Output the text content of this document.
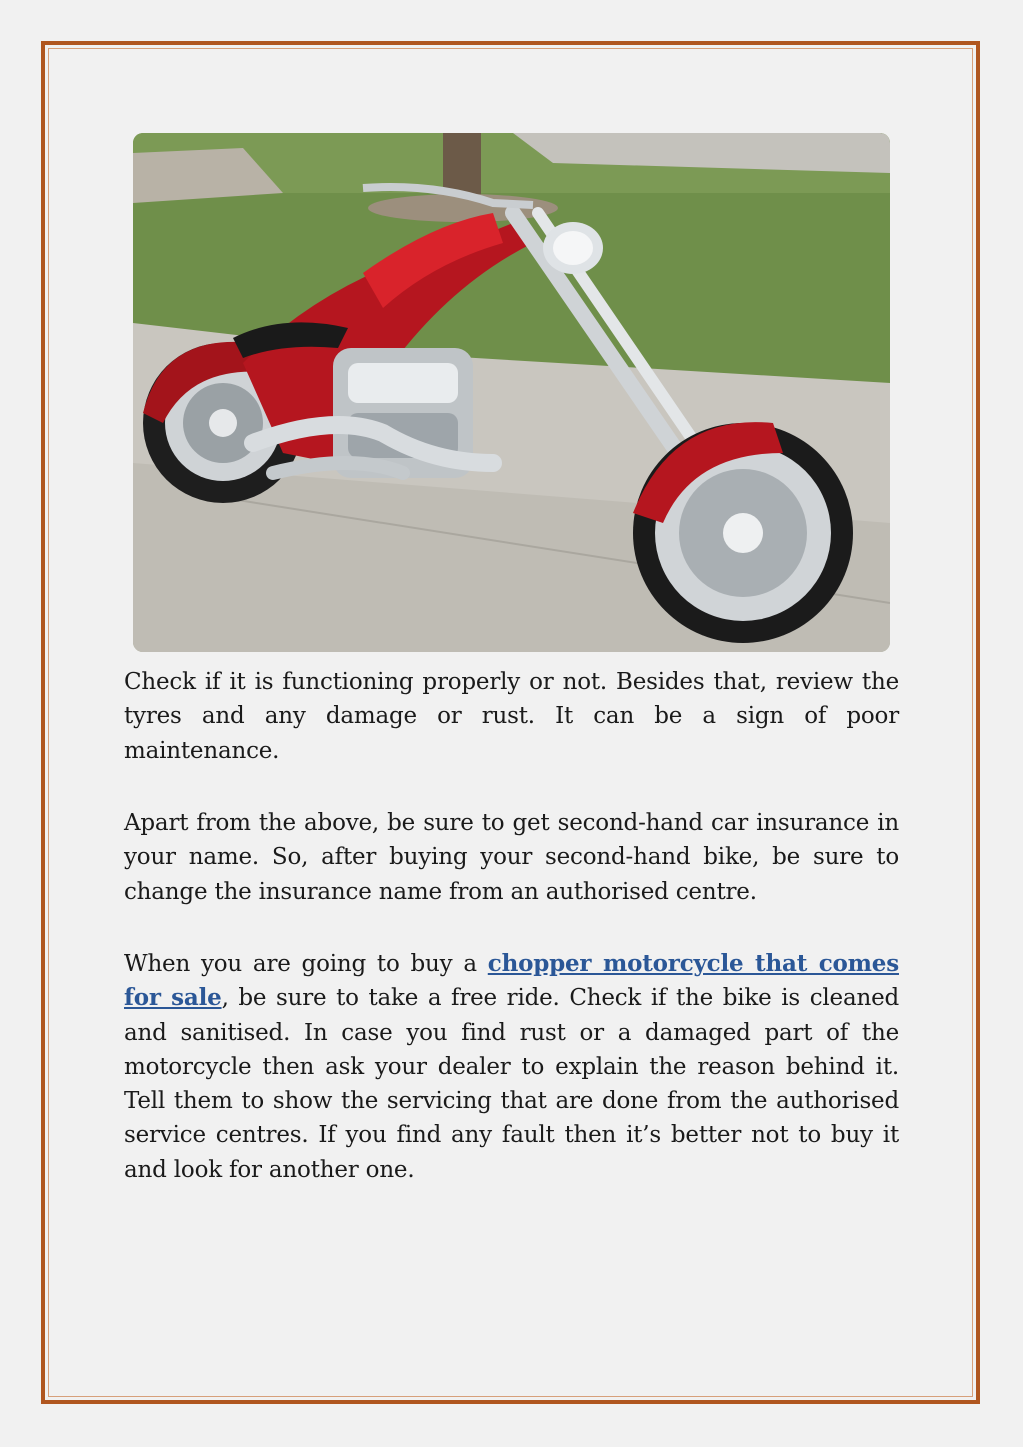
Check if it is functioning properly or not. Besides that, review the tyres and any damage or rust. It can be a sign of poor maintenance.

Apart from the above, be sure to get second-hand car insurance in your name. So, after buying your second-hand bike, be sure to change the insurance name from an authorised centre.

When you are going to buy a chopper motorcycle that comes for sale, be sure to take a free ride. Check if the bike is cleaned and sanitised. In case you find rust or a damaged part of the motorcycle then ask your dealer to explain the reason behind it. Tell them to show the servicing that are done from the authorised service centres. If you find any fault then it’s better not to buy it and look for another one.
